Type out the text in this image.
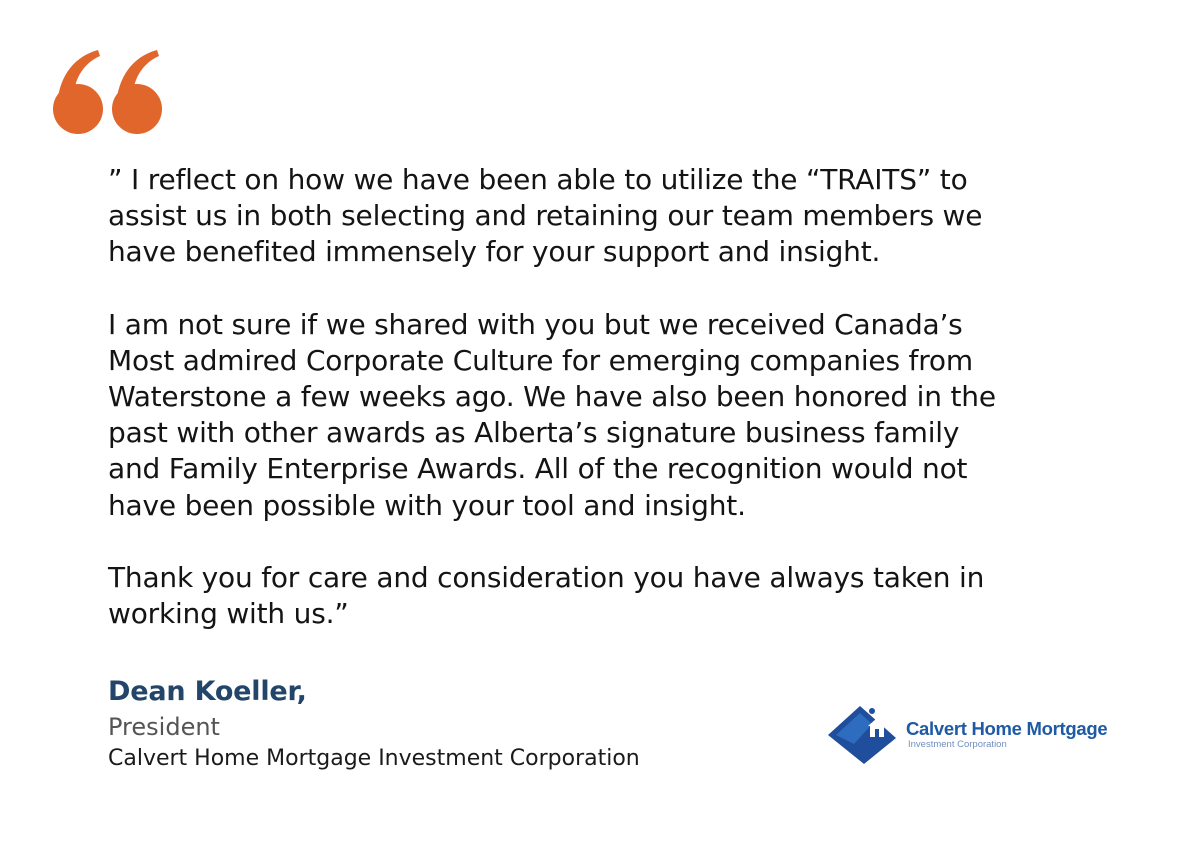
” I reflect on how we have been able to utilize the “TRAITS” to
assist us in both selecting and retaining our team members we
have benefited immensely for your support and insight.

I am not sure if we shared with you but we received Canada’s
Most admired Corporate Culture for emerging companies from
Waterstone a few weeks ago. We have also been honored in the
past with other awards as Alberta’s signature business family
and Family Enterprise Awards. All of the recognition would not
have been possible with your tool and insight.

Thank you for care and consideration you have always taken in
working with us.”

Dean Koeller,
President
Calvert Home Mortgage Investment Corporation
Calvert Home Mortgage
Investment Corporation
